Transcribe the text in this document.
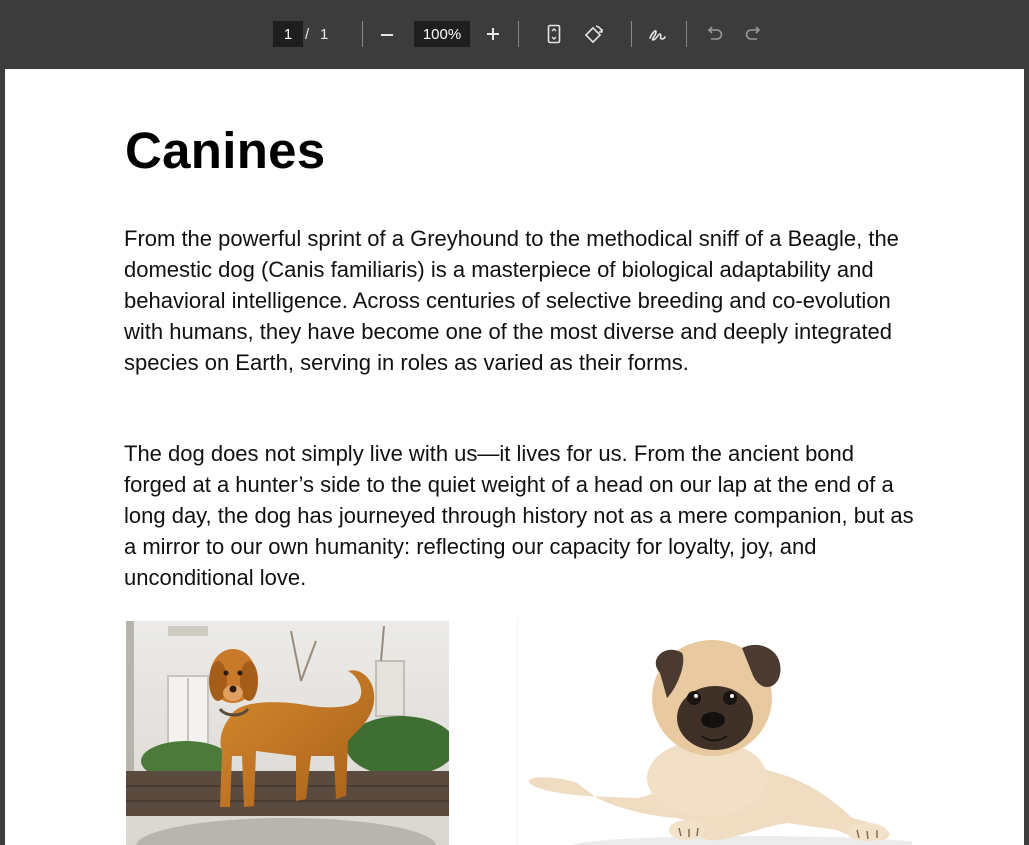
1 / 1	100%
Canines

From the powerful sprint of a Greyhound to the methodical sniff of a Beagle, the domestic dog (Canis familiaris) is a masterpiece of biological adaptability and behavioral intelligence. Across centuries of selective breeding and co-evolution with humans, they have become one of the most diverse and deeply integrated species on Earth, serving in roles as varied as their forms.

The dog does not simply live with us—it lives for us. From the ancient bond forged at a hunter’s side to the quiet weight of a head on our lap at the end of a long day, the dog has journeyed through history not as a mere companion, but as a mirror to our own humanity: reflecting our capacity for loyalty, joy, and unconditional love.
